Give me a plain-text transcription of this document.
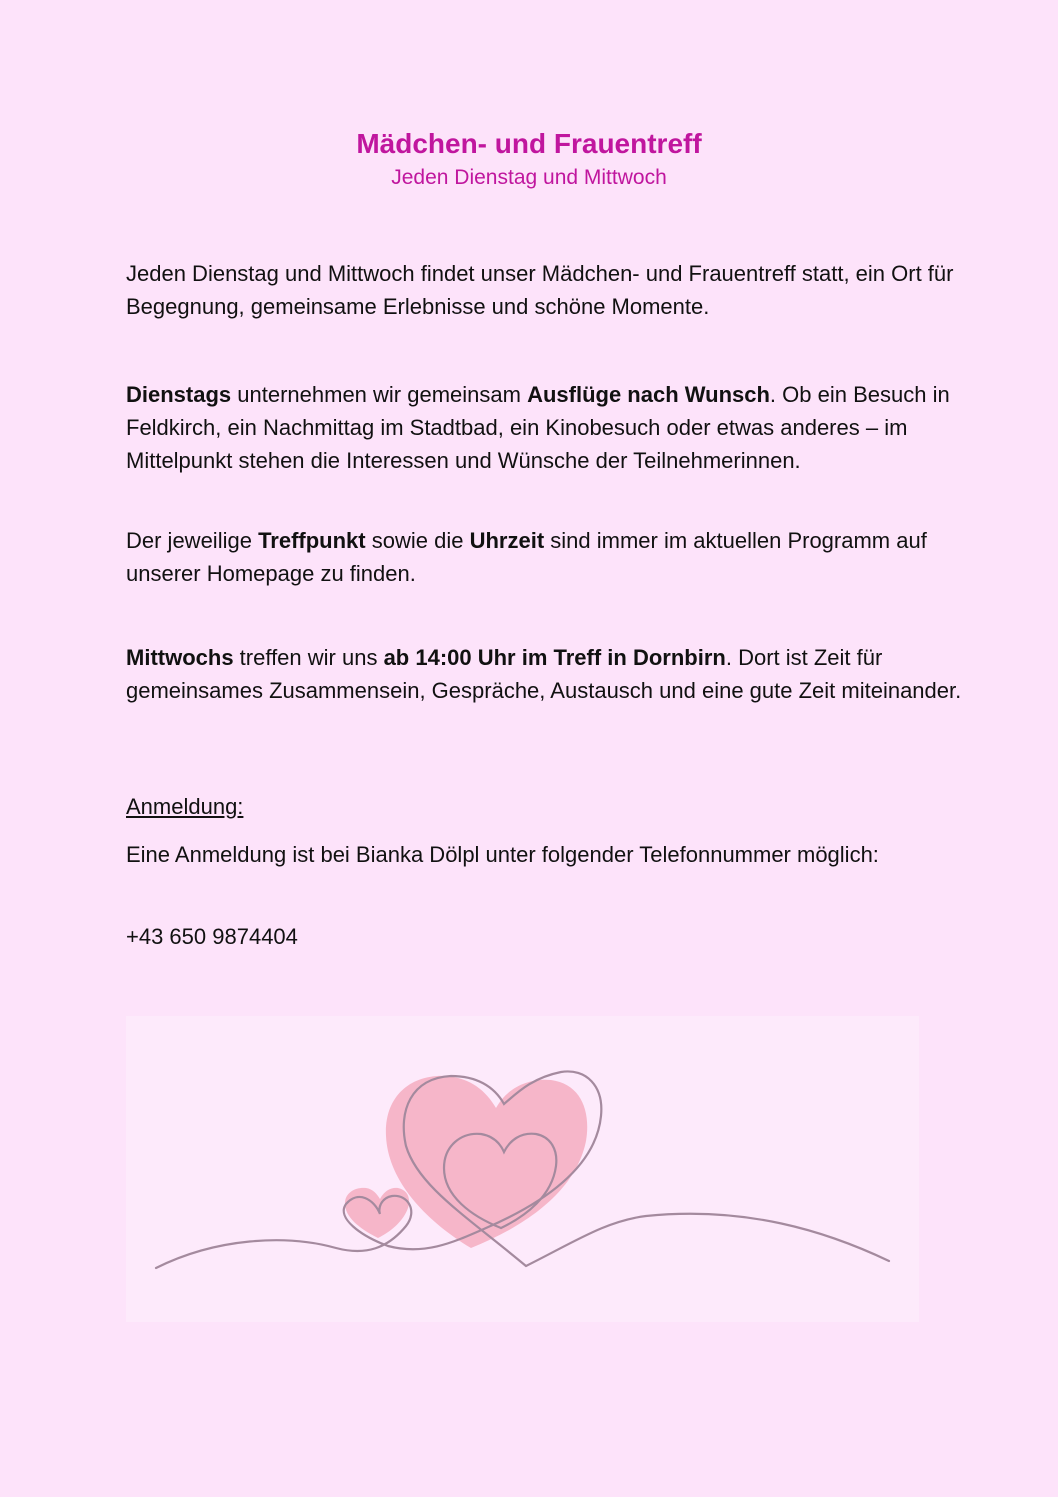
Mädchen- und Frauentreff

Jeden Dienstag und Mittwoch

Jeden Dienstag und Mittwoch findet unser Mädchen- und Frauentreff statt, ein Ort für Begegnung, gemeinsame Erlebnisse und schöne Momente.

Dienstags unternehmen wir gemeinsam Ausflüge nach Wunsch. Ob ein Besuch in Feldkirch, ein Nachmittag im Stadtbad, ein Kinobesuch oder etwas anderes – im Mittelpunkt stehen die Interessen und Wünsche der Teilnehmerinnen.

Der jeweilige Treffpunkt sowie die Uhrzeit sind immer im aktuellen Programm auf unserer Homepage zu finden.

Mittwochs treffen wir uns ab 14:00 Uhr im Treff in Dornbirn. Dort ist Zeit für gemeinsames Zusammensein, Gespräche, Austausch und eine gute Zeit miteinander.

Anmeldung:

Eine Anmeldung ist bei Bianka Dölpl unter folgender Telefonnummer möglich:

+43 650 9874404
